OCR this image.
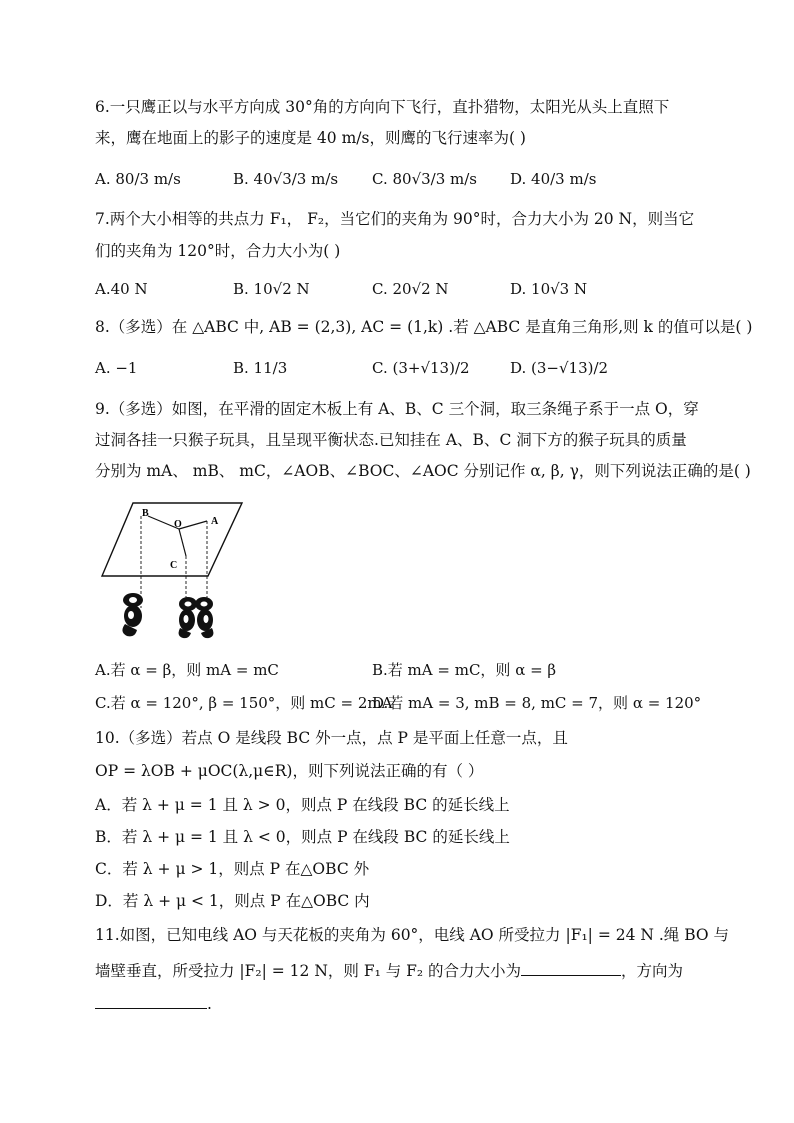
6.一只鹰正以与水平方向成 30°角的方向向下飞行，直扑猎物，太阳光从头上直照下
来，鹰在地面上的影子的速度是 40 m/s，则鹰的飞行速率为( )
A. 80/3 m/s	B. 40√3/3 m/s C. 80√3/3 m/s D. 40/3 m/s
7.两个大小相等的共点力 F₁， F₂，当它们的夹角为 90°时，合力大小为 20 N，则当它
们的夹角为 120°时，合力大小为( )
A.40 N	B. 10√2 N	C. 20√2 N	D. 10√3 N
8.（多选）在 △ABC 中, AB = (2,3), AC = (1,k) .若 △ABC 是直角三角形,则 k 的值可以是( )
A. −1	B. 11/3	C. (3+√13)/2	D. (3−√13)/2
9.（多选）如图，在平滑的固定木板上有 A、B、C 三个洞，取三条绳子系于一点 O，穿
过洞各挂一只猴子玩具，且呈现平衡状态.已知挂在 A、B、C 洞下方的猴子玩具的质量
分别为 mA、 mB、 mC，∠AOB、∠BOC、∠AOC 分别记作 α, β, γ，则下列说法正确的是( )
B
O	A
C
A.若 α = β，则 mA = mC	B.若 mA = mC，则 α = β
C.若 α = 120°, β = 150°，则 mC = 2mA
D.若 mA = 3, mB = 8, mC = 7，则 α = 120°
10.（多选）若点 O 是线段 BC 外一点，点 P 是平面上任意一点，且
OP = λOB + μOC(λ,μ∈R)，则下列说法正确的有（ ）
A．若 λ + μ = 1 且 λ > 0，则点 P 在线段 BC 的延长线上
B．若 λ + μ = 1 且 λ < 0，则点 P 在线段 BC 的延长线上
C．若 λ + μ > 1，则点 P 在△OBC 外
D．若 λ + μ < 1，则点 P 在△OBC 内
11.如图，已知电线 AO 与天花板的夹角为 60°，电线 AO 所受拉力 |F₁| = 24 N .绳 BO 与
墙壁垂直，所受拉力 |F₂| = 12 N，则 F₁ 与 F₂ 的合力大小为	，方向为
.
